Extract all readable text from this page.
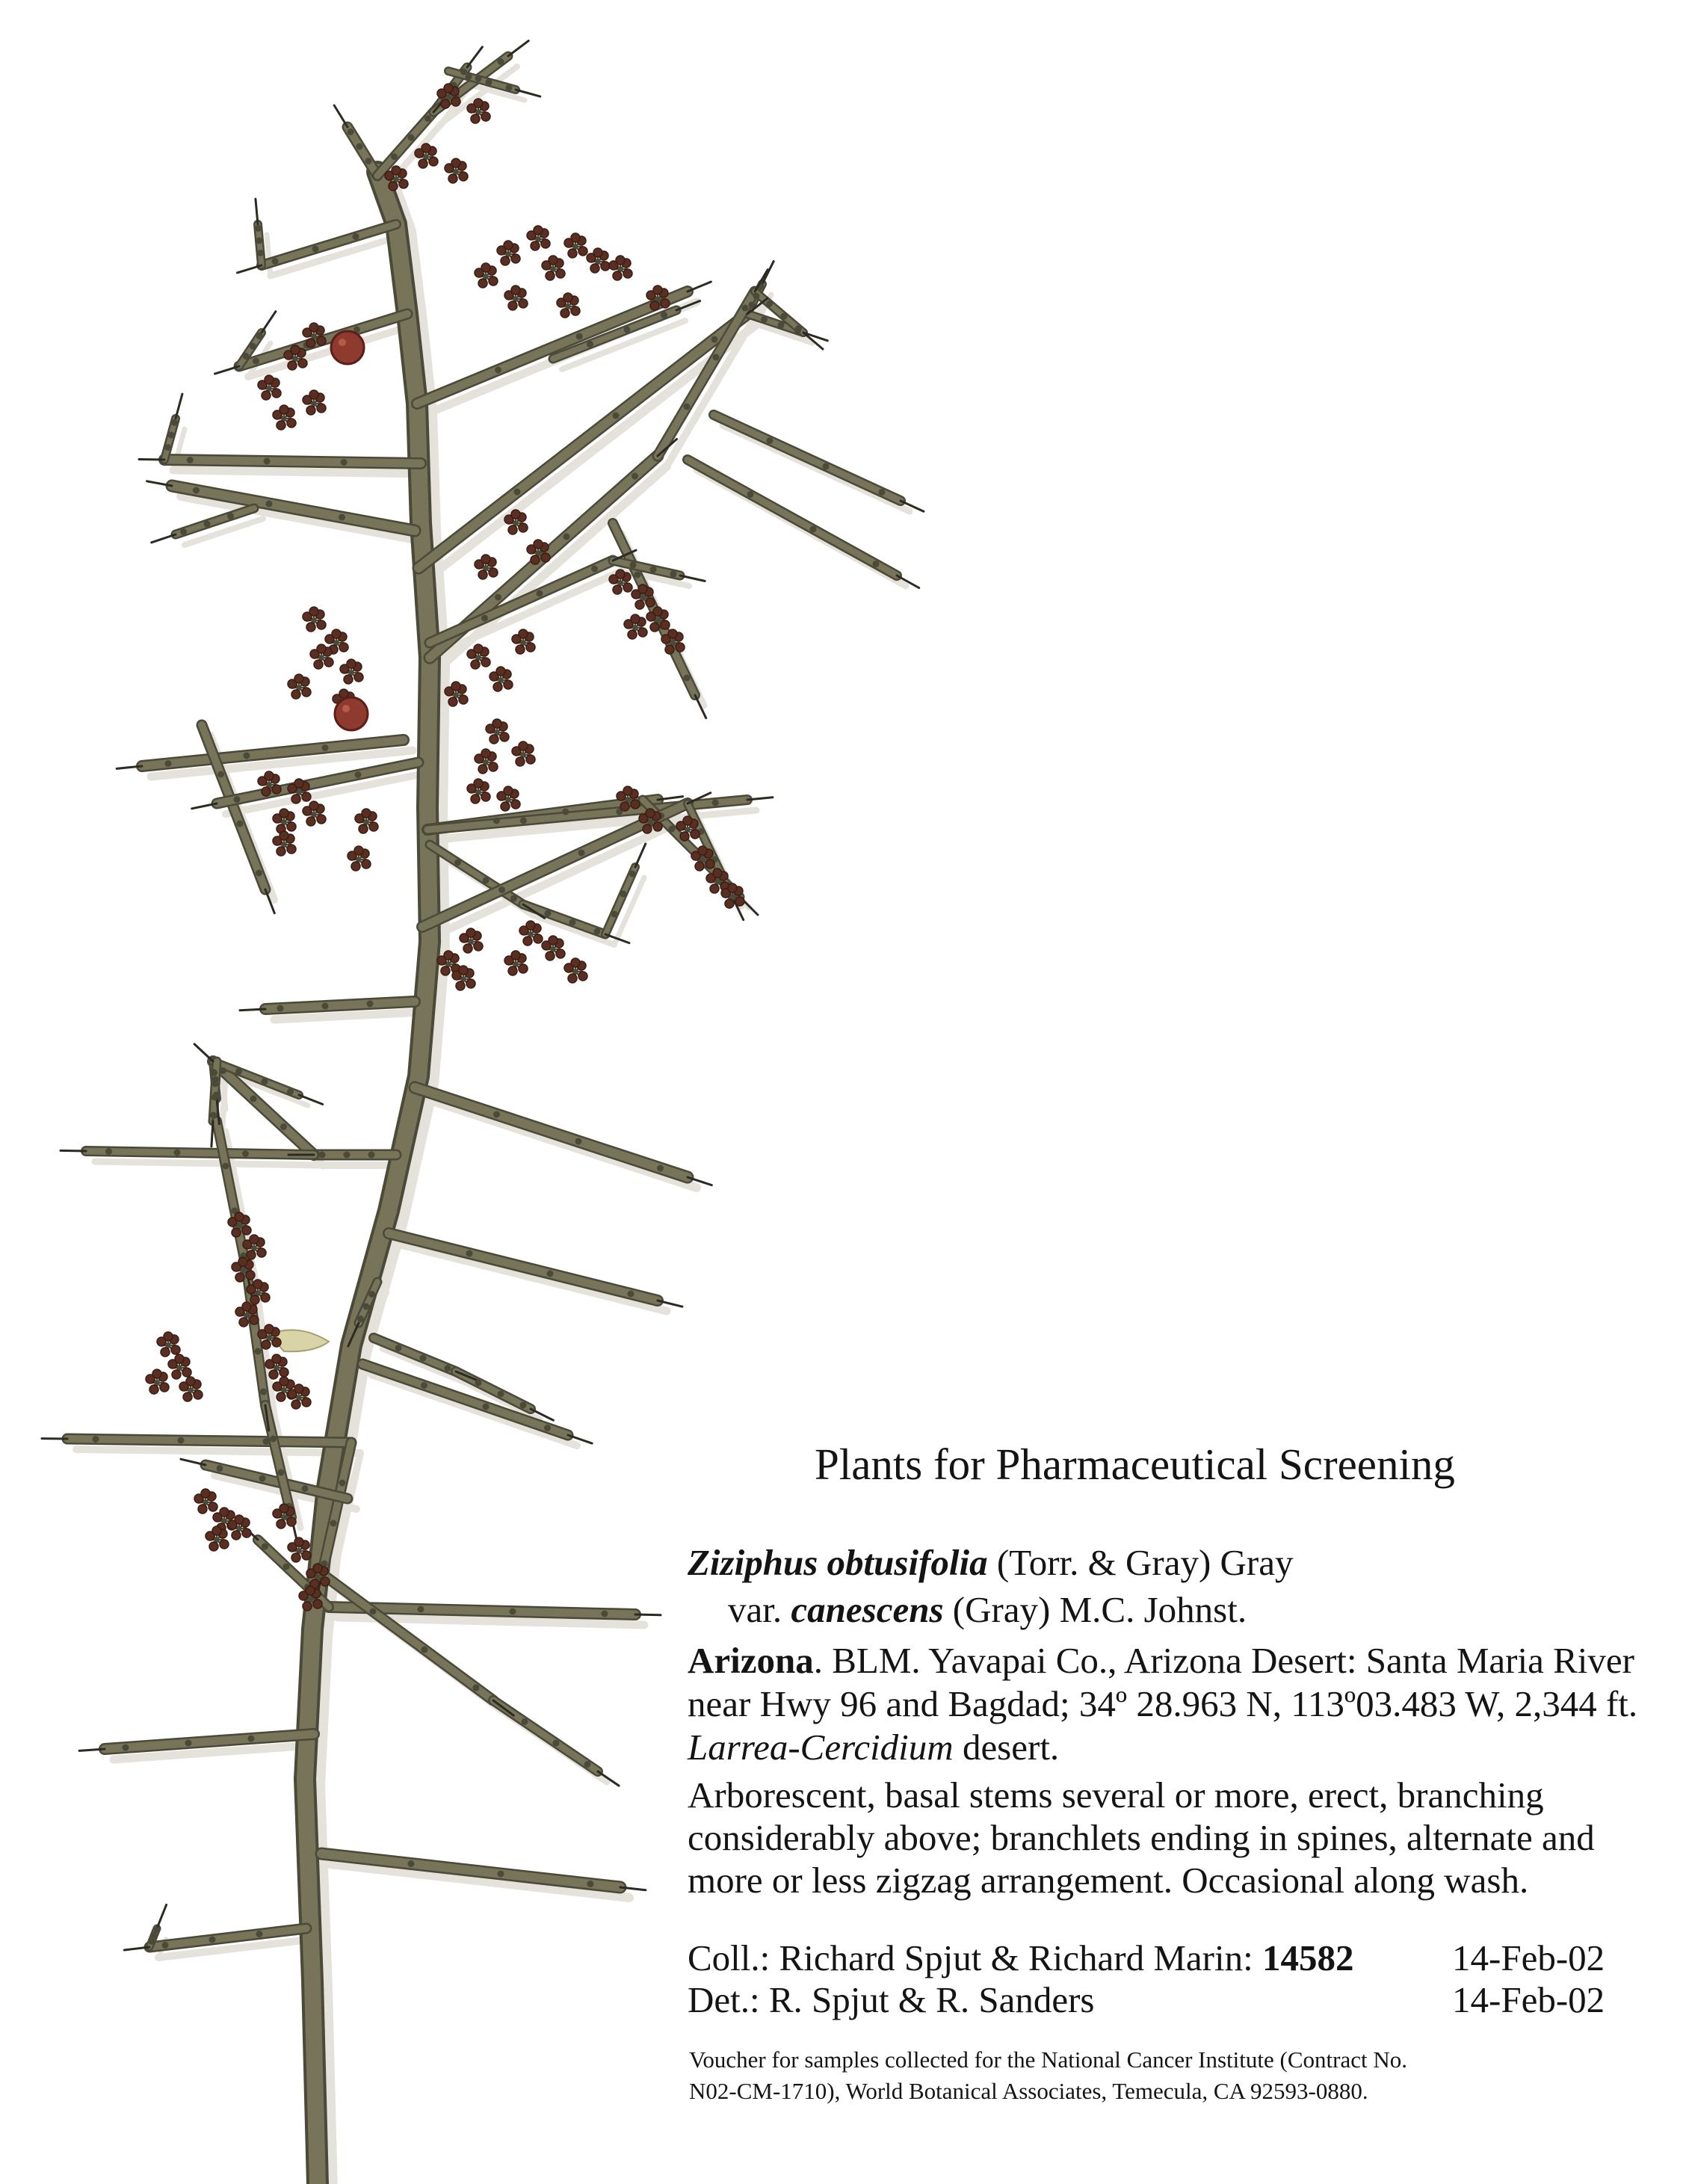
Plants for Pharmaceutical Screening
Ziziphus obtusifolia (Torr. & Gray) Gray
var. canescens (Gray) M.C. Johnst.
Arizona. BLM. Yavapai Co., Arizona Desert: Santa Maria River
near Hwy 96 and Bagdad; 34º 28.963 N, 113º03.483 W, 2,344 ft.
Larrea-Cercidium desert.
Arborescent, basal stems several or more, erect, branching
considerably above; branchlets ending in spines, alternate and
more or less zigzag arrangement. Occasional along wash.
Coll.: Richard Spjut & Richard Marin: 14582	14-Feb-02
Det.: R. Spjut & R. Sanders	14-Feb-02
Voucher for samples collected for the National Cancer Institute (Contract No.
N02-CM-1710), World Botanical Associates, Temecula, CA 92593-0880.
